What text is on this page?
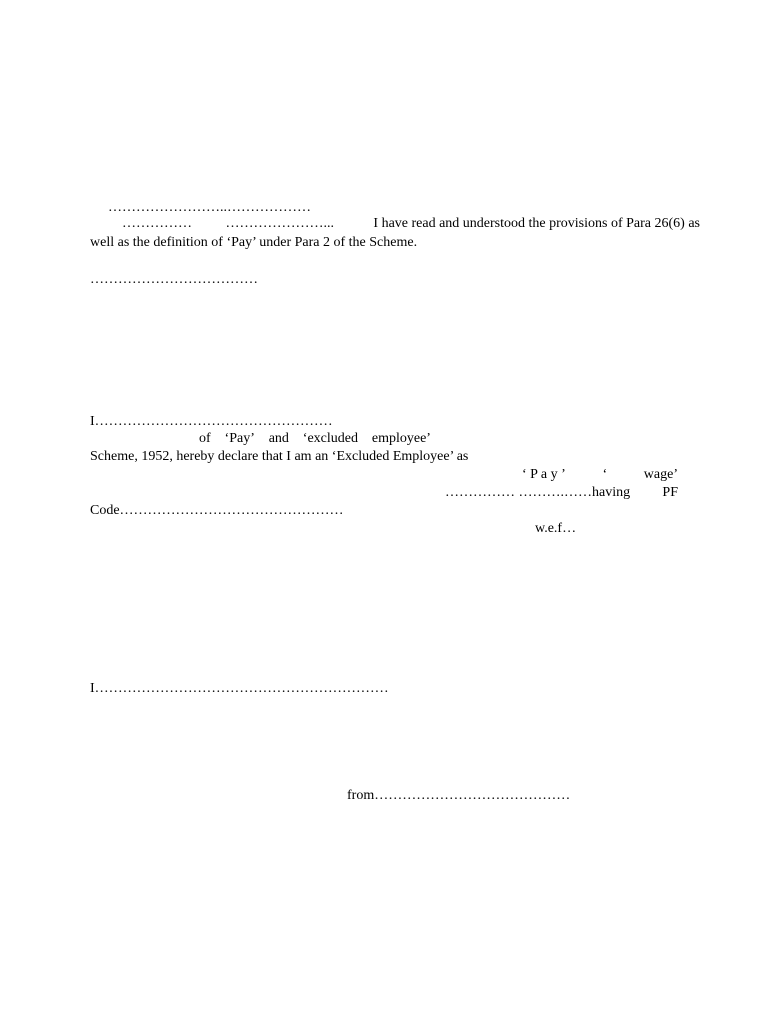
……………………..………………
…………… …………………...	I have read and understood the provisions of Para 26(6) as
well as the definition of ‘Pay’ under Para 2 of the Scheme.
………………………………
I……………………………………………
of ‘Pay’ and ‘excluded employee’
Scheme, 1952, hereby declare that I am an ‘Excluded Employee’ as
‘ P a y ’	‘	wage’
…………… ……….……having PF
Code…………………………………………
w.e.f…
I………………………………………………………
from……………………………………
